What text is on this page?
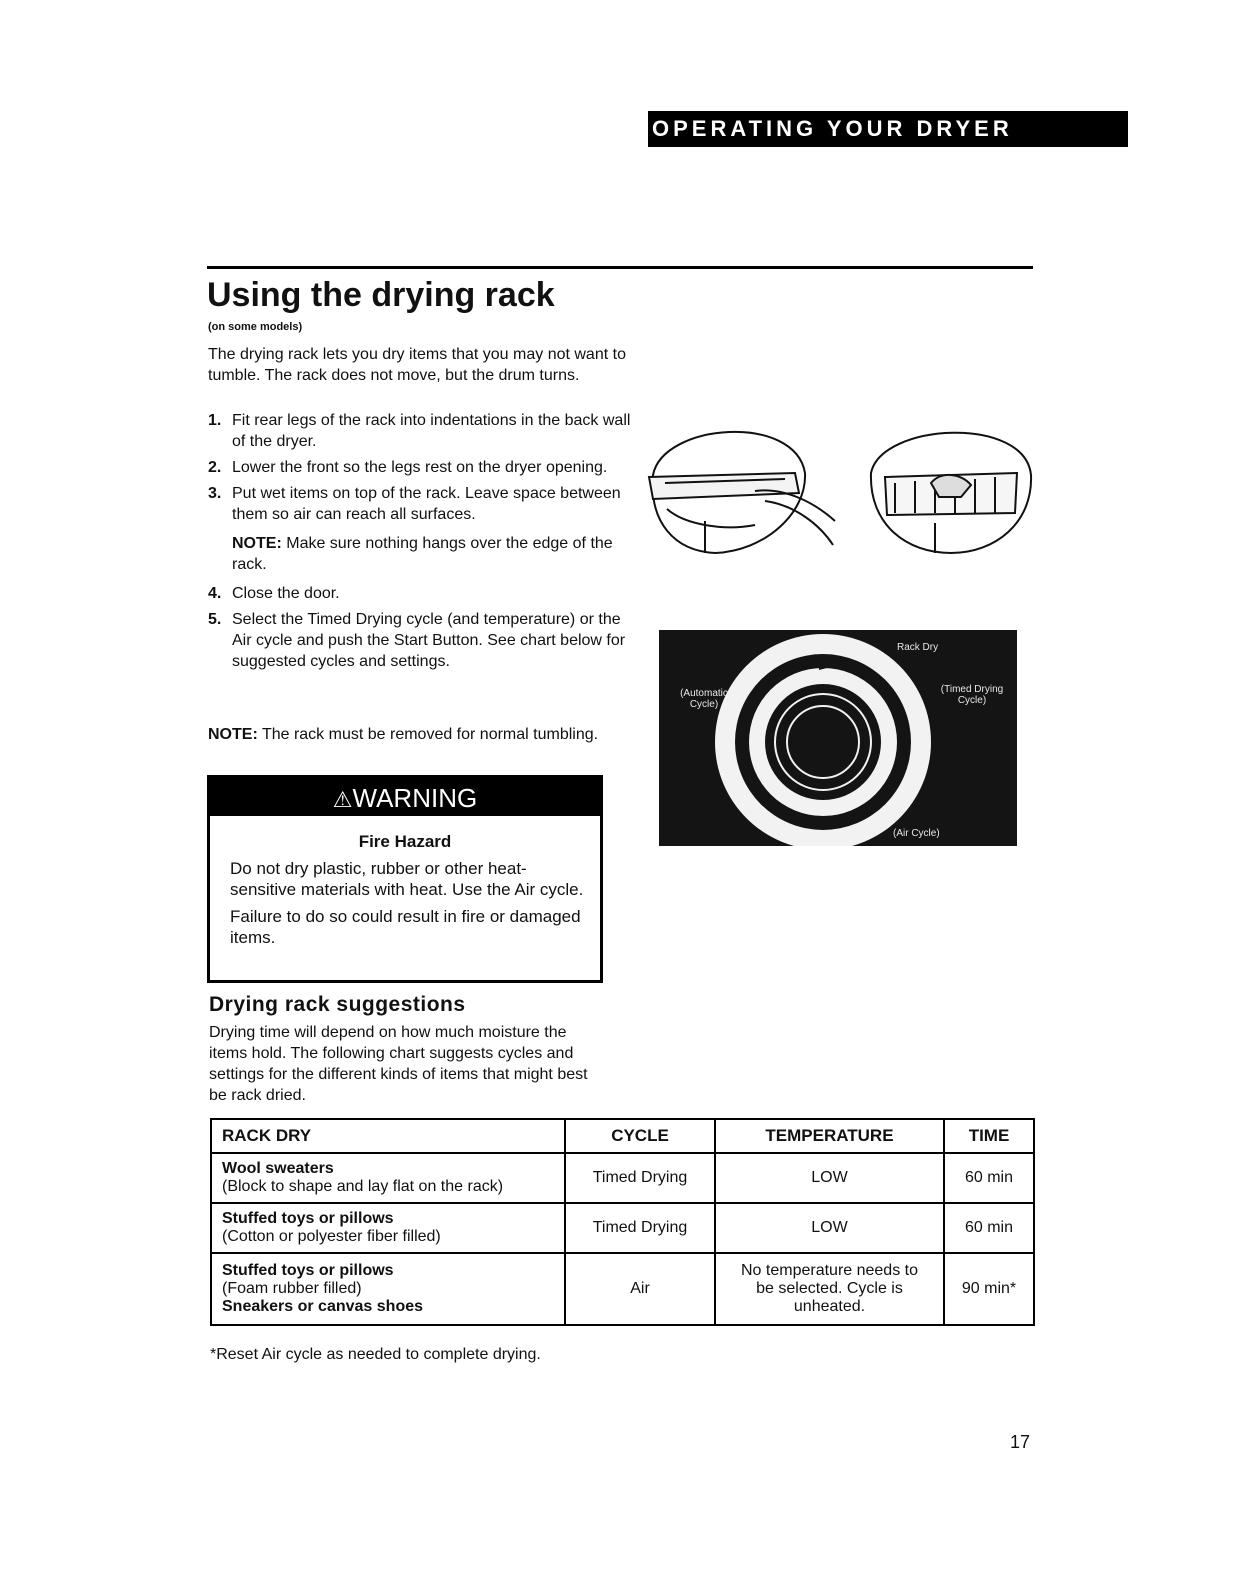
OPERATING YOUR DRYER
Using the drying rack
(on some models)
The drying rack lets you dry items that you may not want to tumble. The rack does not move, but the drum turns.
1. Fit rear legs of the rack into indentations in the back wall of the dryer.
2. Lower the front so the legs rest on the dryer opening.
3. Put wet items on top of the rack. Leave space between them so air can reach all surfaces.
NOTE: Make sure nothing hangs over the edge of the rack.
4. Close the door.
5. Select the Timed Drying cycle (and temperature) or the Air cycle and push the Start Button. See chart below for suggested cycles and settings.
NOTE: The rack must be removed for normal tumbling.
⚠WARNING
Fire Hazard

Do not dry plastic, rubber or other heat-sensitive materials with heat. Use the Air cycle.

Failure to do so could result in fire or damaged items.

Drying rack suggestions
Drying time will depend on how much moisture the items hold. The following chart suggests cycles and settings for the different kinds of items that might best be rack dried.
Rack Dry
(Automatic Cycle)
(Timed Drying Cycle)
(Air Cycle)
RACK DRY	CYCLE	TEMPERATURE	TIME

Wool sweaters
(Block to shape and lay flat on the rack)	Timed Drying	LOW	60 min

Stuffed toys or pillows
(Cotton or polyester fiber filled)	Timed Drying	LOW	60 min

Stuffed toys or pillows
(Foam rubber filled)
Sneakers or canvas shoes	Air	No temperature needs to be selected. Cycle is unheated.	90 min*
*Reset Air cycle as needed to complete drying.
17
